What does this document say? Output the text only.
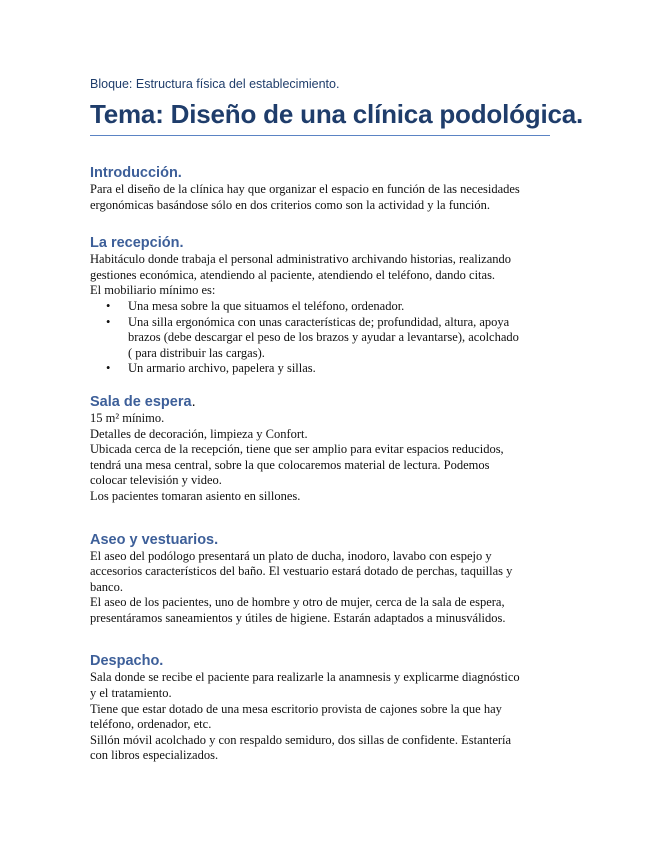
Bloque: Estructura física del establecimiento.
Tema: Diseño de una clínica podológica.
Introducción.

Para el diseño de la clínica hay que organizar el espacio en función de las necesidades

ergonómicas basándose sólo en dos criterios como son la actividad y la función.

La recepción.

Habitáculo donde trabaja el personal administrativo archivando historias, realizando

gestiones económica, atendiendo al paciente, atendiendo el teléfono, dando citas.

El mobiliario mínimo es:

• Una mesa sobre la que situamos el teléfono, ordenador.
• Una silla ergonómica con unas características de; profundidad, altura, apoya
brazos (debe descargar el peso de los brazos y ayudar a levantarse), acolchado
( para distribuir las cargas).
• Un armario archivo, papelera y sillas.
Sala de espera.

15 m² mínimo.

Detalles de decoración, limpieza y Confort.

Ubicada cerca de la recepción, tiene que ser amplio para evitar espacios reducidos,

tendrá una mesa central, sobre la que colocaremos material de lectura. Podemos

colocar televisión y video.

Los pacientes tomaran asiento en sillones.

Aseo y vestuarios.

El aseo del podólogo presentará un plato de ducha, inodoro, lavabo con espejo y

accesorios característicos del baño. El vestuario estará dotado de perchas, taquillas y

banco.

El aseo de los pacientes, uno de hombre y otro de mujer, cerca de la sala de espera,

presentáramos saneamientos y útiles de higiene. Estarán adaptados a minusválidos.

Despacho.

Sala donde se recibe el paciente para realizarle la anamnesis y explicarme diagnóstico

y el tratamiento.

Tiene que estar dotado de una mesa escritorio provista de cajones sobre la que hay

teléfono, ordenador, etc.

Sillón móvil acolchado y con respaldo semiduro, dos sillas de confidente. Estantería

con libros especializados.
